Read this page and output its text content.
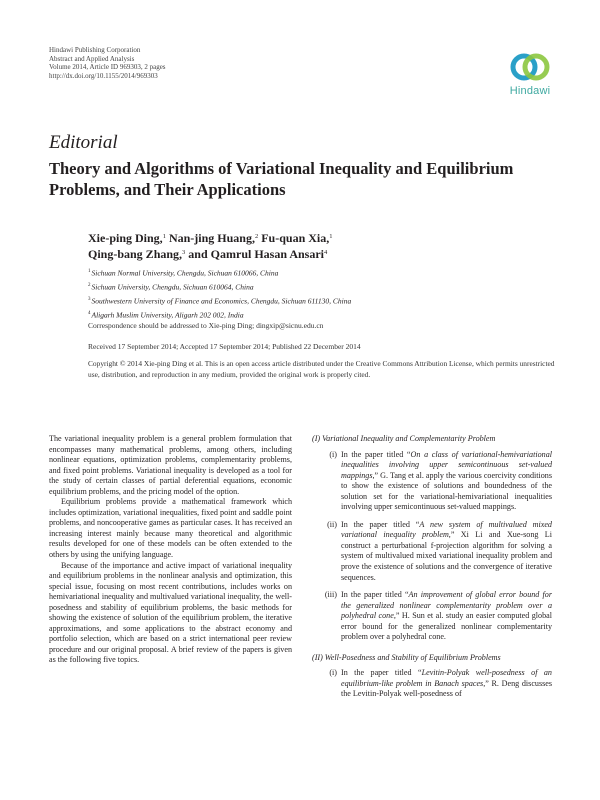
Hindawi Publishing Corporation
Abstract and Applied Analysis
Volume 2014, Article ID 969303, 2 pages
http://dx.doi.org/10.1155/2014/969303
Hindawi
Editorial
Theory and Algorithms of Variational Inequality and Equilibrium Problems, and Their Applications
Xie-ping Ding,$^1$ Nan-jing Huang,$^2$ Fu-quan Xia,$^1$
Qing-bang Zhang,$^3$ and Qamrul Hasan Ansari$^4$
$^1$Sichuan Normal University, Chengdu, Sichuan 610066, China
$^2$Sichuan University, Chengdu, Sichuan 610064, China
$^3$Southwestern University of Finance and Economics, Chengdu, Sichuan 611130, China
$^4$Aligarh Muslim University, Aligarh 202 002, India
Correspondence should be addressed to Xie-ping Ding; dingxip@sicnu.edu.cn
Received 17 September 2014; Accepted 17 September 2014; Published 22 December 2014
Copyright © 2014 Xie-ping Ding et al. This is an open access article distributed under the Creative Commons Attribution License, which permits unrestricted use, distribution, and reproduction in any medium, provided the original work is properly cited.

The variational inequality problem is a general problem formulation that encompasses many mathematical problems, among others, including nonlinear equations, optimization problems, complementarity problems, and fixed point problems. Variational inequality is developed as a tool for the study of certain classes of partial deferential equations, economic equilibrium problems, and the pricing model of the option.

Equilibrium problems provide a mathematical framework which includes optimization, variational inequalities, fixed point and saddle point problems, and noncooperative games as particular cases. It has received an increasing interest mainly because many theoretical and algorithmic results developed for one of these models can be often extended to the others by using the unifying language.

Because of the importance and active impact of variational inequality and equilibrium problems in the nonlinear analysis and optimization, this special issue, focusing on most recent contributions, includes works on hemivariational inequality and multivalued variational inequality, the well-posedness and stability of equilibrium problems, the basic methods for showing the existence of solution of the equilibrium problem, the iterative approximations, and some applications to the abstract economy and portfolio selection, which are based on a strict international peer review procedure and our original proposal. A brief review of the papers is given as the following five topics.

(I) Variational Inequality and Complementarity Problem

(i) In the paper titled “On a class of variational-hemivariational inequalities involving upper semicontinuous set-valued mappings,” G. Tang et al. apply the various coercivity conditions to show the existence of solutions and boundedness of the solution set for the variational-hemivariational inequalities involving upper semicontinuous set-valued mappings.
(ii) In the paper titled “A new system of multivalued mixed variational inequality problem,” Xi Li and Xue-song Li construct a perturbational f-projection algorithm for solving a system of multivalued mixed variational inequality problem and prove the existence of solutions and the convergence of iterative sequences.
(iii) In the paper titled “An improvement of global error bound for the generalized nonlinear complementarity problem over a polyhedral cone,” H. Sun et al. study an easier computed global error bound for the generalized nonlinear complementarity problem over a polyhedral cone.

(II) Well-Posedness and Stability of Equilibrium Problems

(i) In the paper titled “Levitin-Polyak well-posedness of an equilibrium-like problem in Banach spaces,” R. Deng discusses the Levitin-Polyak well-posedness of
